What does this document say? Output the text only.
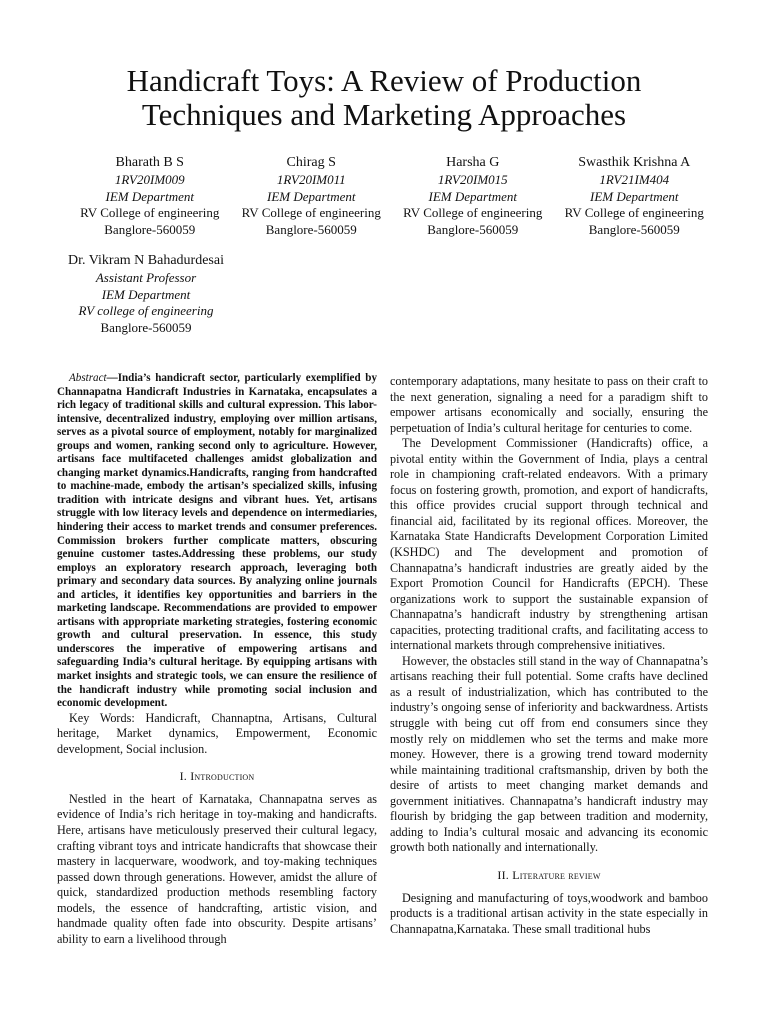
Handicraft Toys: A Review of Production
Techniques and Marketing Approaches
Bharath B S
1RV20IM009
IEM Department
RV College of engineering
Banglore-560059
Chirag S
1RV20IM011
IEM Department
RV College of engineering
Banglore-560059
Harsha G
1RV20IM015
IEM Department
RV College of engineering
Banglore-560059
Swasthik Krishna A
1RV21IM404
IEM Department
RV College of engineering
Banglore-560059
Dr. Vikram N Bahadurdesai
Assistant Professor
IEM Department
RV college of engineering
Banglore-560059

Abstract—India’s handicraft sector, particularly exemplified by Channapatna Handicraft Industries in Karnataka, encapsulates a rich legacy of traditional skills and cultural expression. This labor-intensive, decentralized industry, employing over million artisans, serves as a pivotal source of employment, notably for marginalized groups and women, ranking second only to agriculture. However, artisans face multifaceted challenges amidst globalization and changing market dynamics.Handicrafts, ranging from handcrafted to machine-made, embody the artisan’s specialized skills, infusing tradition with intricate designs and vibrant hues. Yet, artisans struggle with low literacy levels and dependence on intermediaries, hindering their access to market trends and consumer preferences. Commission brokers further complicate matters, obscuring genuine customer tastes.Addressing these problems, our study employs an exploratory research approach, leveraging both primary and secondary data sources. By analyzing online journals and articles, it identifies key opportunities and barriers in the marketing landscape. Recommendations are provided to empower artisans with appropriate marketing strategies, fostering economic growth and cultural preservation. In essence, this study underscores the imperative of empowering artisans and safeguarding India’s cultural heritage. By equipping artisans with market insights and strategic tools, we can ensure the resilience of the handicraft industry while promoting social inclusion and economic development.

Key Words: Handicraft, Channaptna, Artisans, Cultural heritage, Market dynamics, Empowerment, Economic development, Social inclusion.

I. Introduction

Nestled in the heart of Karnataka, Channapatna serves as evidence of India’s rich heritage in toy-making and handicrafts. Here, artisans have meticulously preserved their cultural legacy, crafting vibrant toys and intricate handicrafts that showcase their mastery in lacquerware, woodwork, and toy-making techniques passed down through generations. However, amidst the allure of quick, standardized production methods resembling factory models, the essence of handcrafting, artistic vision, and handmade quality often fade into obscurity. Despite artisans’ ability to earn a livelihood through

contemporary adaptations, many hesitate to pass on their craft to the next generation, signaling a need for a paradigm shift to empower artisans economically and socially, ensuring the perpetuation of India’s cultural heritage for centuries to come.

The Development Commissioner (Handicrafts) office, a pivotal entity within the Government of India, plays a central role in championing craft-related endeavors. With a primary focus on fostering growth, promotion, and export of handicrafts, this office provides crucial support through technical and financial aid, facilitated by its regional offices. Moreover, the Karnataka State Handicrafts Development Corporation Limited (KSHDC) and The development and promotion of Channapatna’s handicraft industries are greatly aided by the Export Promotion Council for Handicrafts (EPCH). These organizations work to support the sustainable expansion of Channapatna’s handicraft industry by strengthening artisan capacities, protecting traditional crafts, and facilitating access to international markets through comprehensive initiatives.

However, the obstacles still stand in the way of Channapatna’s artisans reaching their full potential. Some crafts have declined as a result of industrialization, which has contributed to the industry’s ongoing sense of inferiority and backwardness. Artists struggle with being cut off from end consumers since they mostly rely on middlemen who set the terms and make more money. However, there is a growing trend toward modernity while maintaining traditional craftsmanship, driven by both the desire of artists to meet changing market demands and government initiatives. Channapatna’s handicraft industry may flourish by bridging the gap between tradition and modernity, adding to India’s cultural mosaic and advancing its economic growth both nationally and internationally.

II. Literature review

Designing and manufacturing of toys,woodwork and bamboo products is a traditional artisan activity in the state especially in Channapatna,Karnataka. These small traditional hubs
